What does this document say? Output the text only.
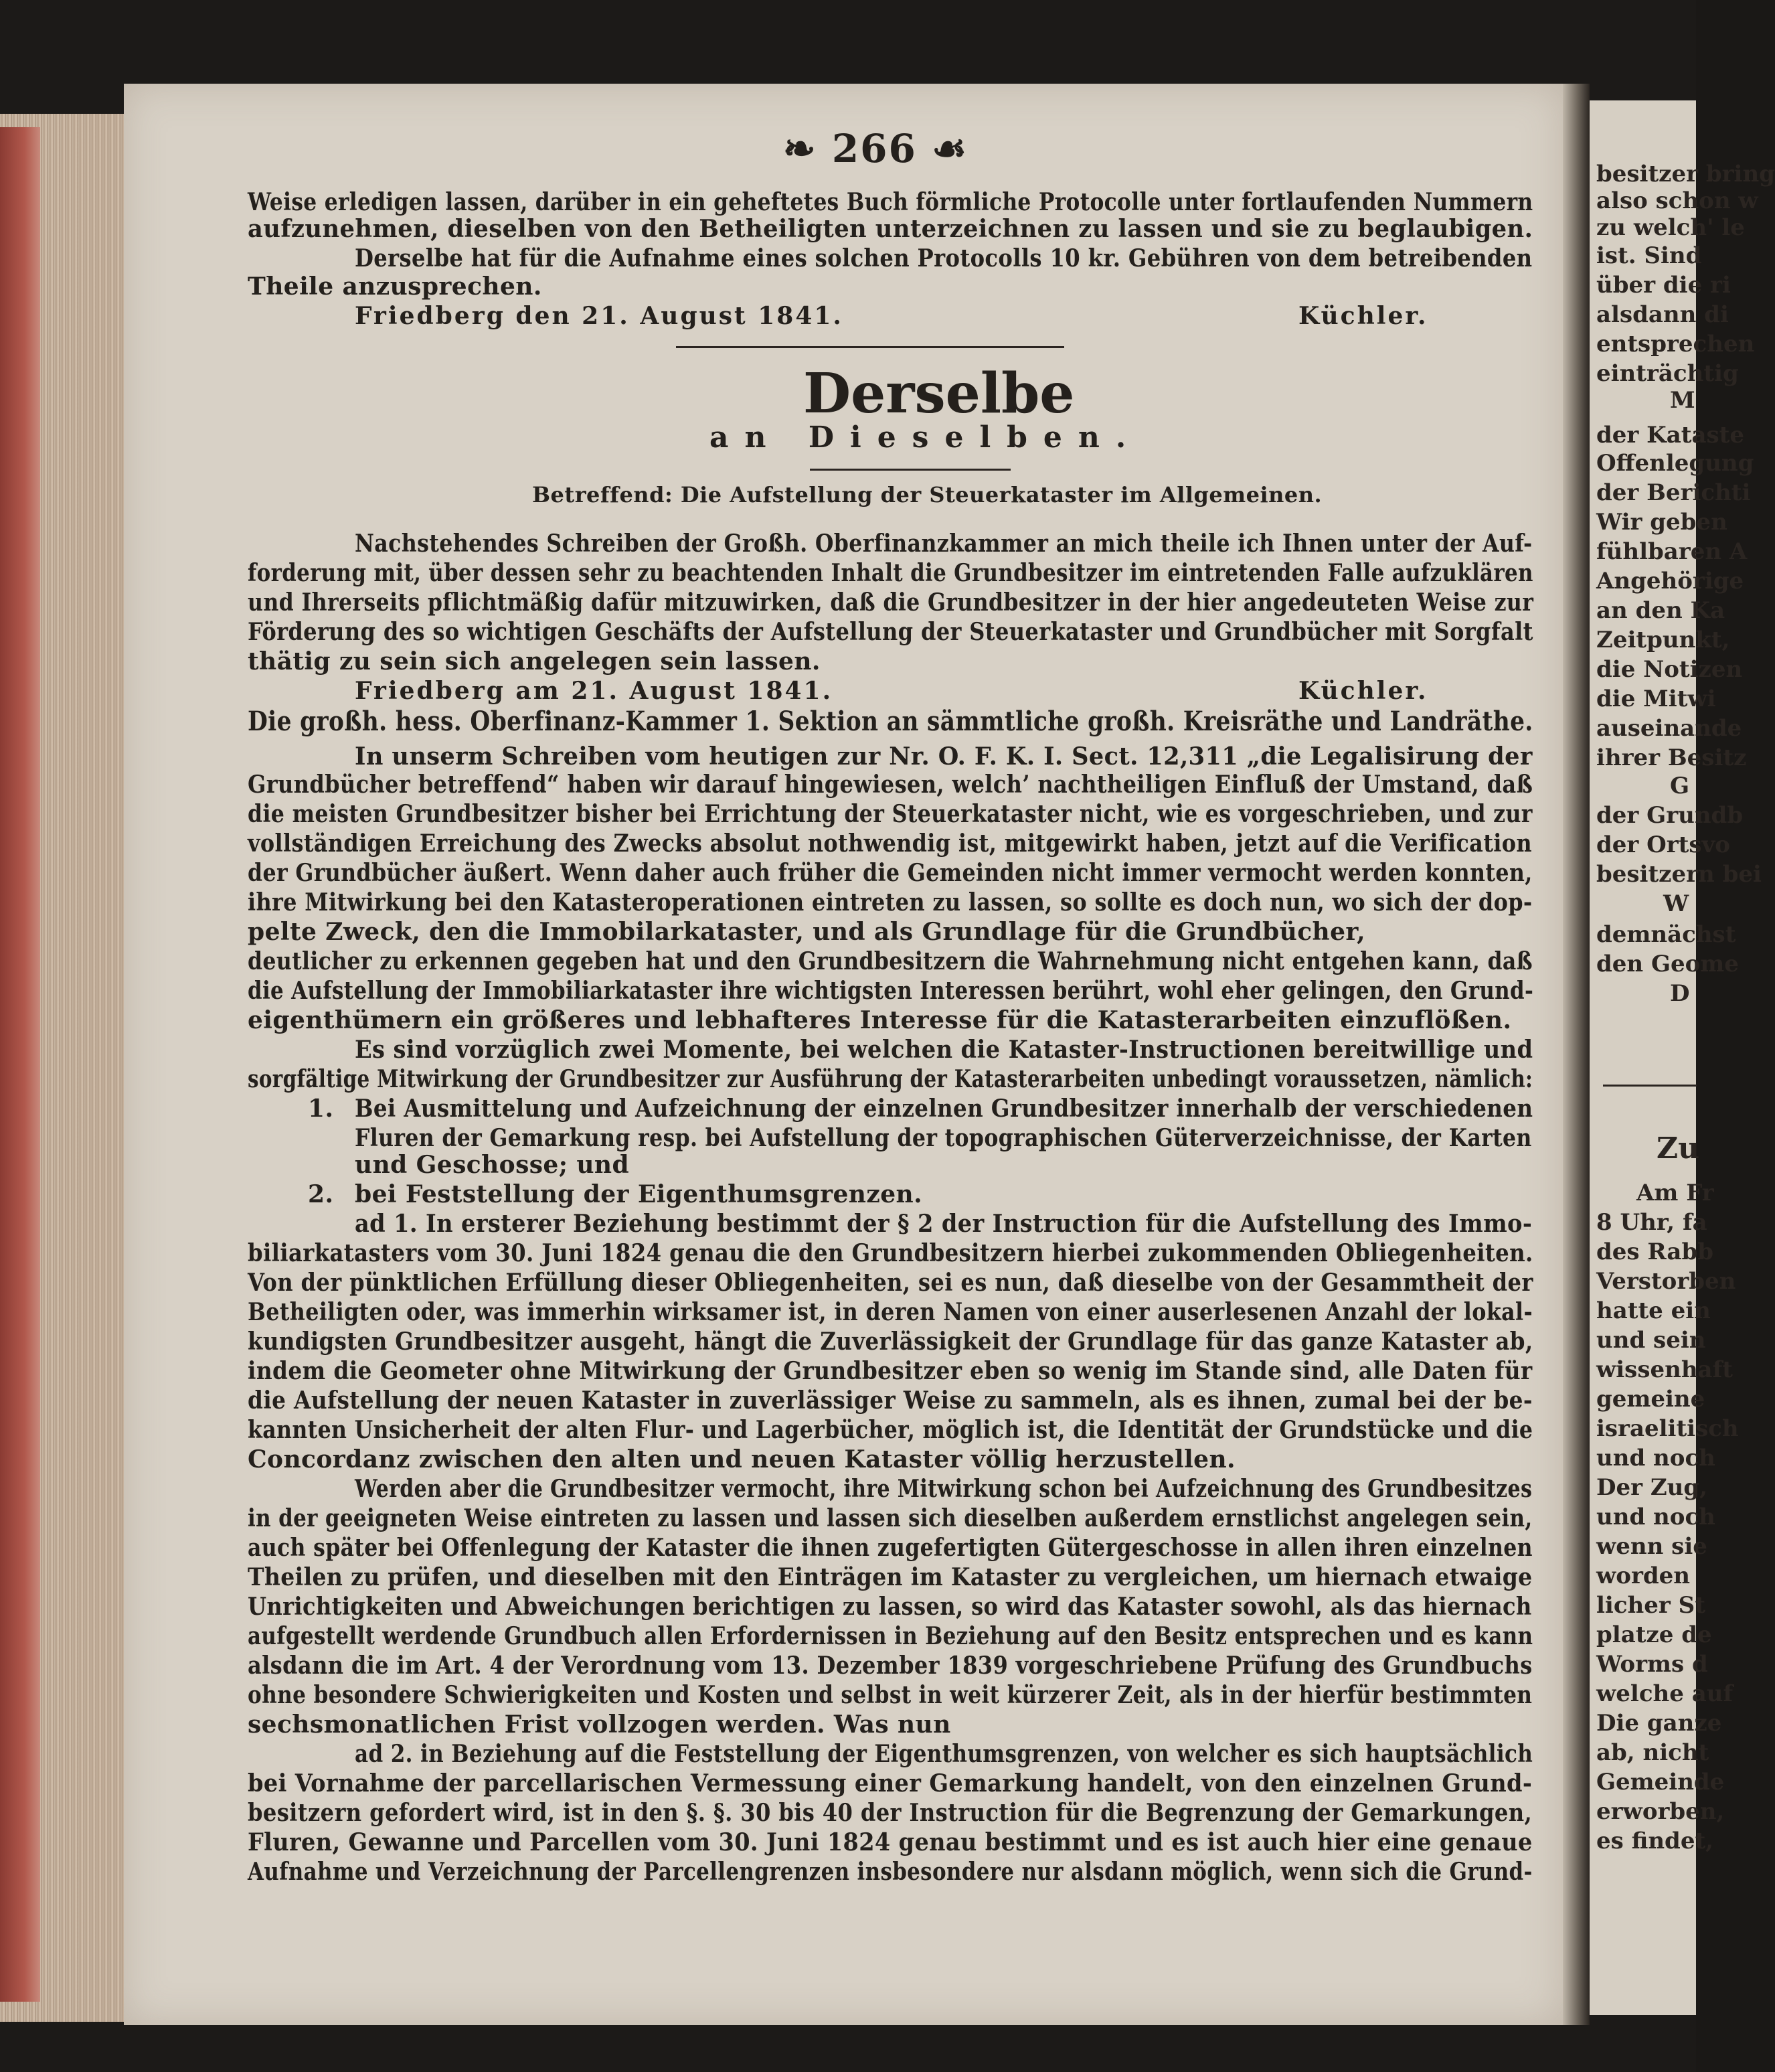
❧ 266 ☙
Weise erledigen lassen, darüber in ein geheftetes Buch förmliche Protocolle unter fortlaufenden Nummern
aufzunehmen, dieselben von den Betheiligten unterzeichnen zu lassen und sie zu beglaubigen.
Derselbe hat für die Aufnahme eines solchen Protocolls 10 kr. Gebühren von dem betreibenden
Theile anzusprechen.
Friedberg den 21. August 1841.	Küchler.
Derselbe
an Dieselben.
Betreffend: Die Aufstellung der Steuerkataster im Allgemeinen.
Nachstehendes Schreiben der Großh. Oberfinanzkammer an mich theile ich Ihnen unter der Auf-
forderung mit, über dessen sehr zu beachtenden Inhalt die Grundbesitzer im eintretenden Falle aufzuklären
und Ihrerseits pflichtmäßig dafür mitzuwirken, daß die Grundbesitzer in der hier angedeuteten Weise zur
Förderung des so wichtigen Geschäfts der Aufstellung der Steuerkataster und Grundbücher mit Sorgfalt
thätig zu sein sich angelegen sein lassen.
Friedberg am 21. August 1841.	Küchler.
Die großh. hess. Oberfinanz-Kammer 1. Sektion an sämmtliche großh. Kreisräthe und Landräthe.
In unserm Schreiben vom heutigen zur Nr. O. F. K. I. Sect. 12,311 „die Legalisirung der
Grundbücher betreffend“ haben wir darauf hingewiesen, welch’ nachtheiligen Einfluß der Umstand, daß
die meisten Grundbesitzer bisher bei Errichtung der Steuerkataster nicht, wie es vorgeschrieben, und zur
vollständigen Erreichung des Zwecks absolut nothwendig ist, mitgewirkt haben, jetzt auf die Verification
der Grundbücher äußert. Wenn daher auch früher die Gemeinden nicht immer vermocht werden konnten,
ihre Mitwirkung bei den Katasteroperationen eintreten zu lassen, so sollte es doch nun, wo sich der dop-
pelte Zweck, den die Immobilarkataster, und als Grundlage für die Grundbücher,
deutlicher zu erkennen gegeben hat und den Grundbesitzern die Wahrnehmung nicht entgehen kann, daß
die Aufstellung der Immobiliarkataster ihre wichtigsten Interessen berührt, wohl eher gelingen, den Grund-
eigenthümern ein größeres und lebhafteres Interesse für die Katasterarbeiten einzuflößen.
Es sind vorzüglich zwei Momente, bei welchen die Kataster-Instructionen bereitwillige und
sorgfältige Mitwirkung der Grundbesitzer zur Ausführung der Katasterarbeiten unbedingt voraussetzen, nämlich:
1. Bei Ausmittelung und Aufzeichnung der einzelnen Grundbesitzer innerhalb der verschiedenen
Fluren der Gemarkung resp. bei Aufstellung der topographischen Güterverzeichnisse, der Karten
und Geschosse; und
2. bei Feststellung der Eigenthumsgrenzen.
ad 1. In ersterer Beziehung bestimmt der § 2 der Instruction für die Aufstellung des Immo-
biliarkatasters vom 30. Juni 1824 genau die den Grundbesitzern hierbei zukommenden Obliegenheiten.
Von der pünktlichen Erfüllung dieser Obliegenheiten, sei es nun, daß dieselbe von der Gesammtheit der
Betheiligten oder, was immerhin wirksamer ist, in deren Namen von einer auserlesenen Anzahl der lokal-
kundigsten Grundbesitzer ausgeht, hängt die Zuverlässigkeit der Grundlage für das ganze Kataster ab,
indem die Geometer ohne Mitwirkung der Grundbesitzer eben so wenig im Stande sind, alle Daten für
die Aufstellung der neuen Kataster in zuverlässiger Weise zu sammeln, als es ihnen, zumal bei der be-
kannten Unsicherheit der alten Flur- und Lagerbücher, möglich ist, die Identität der Grundstücke und die
Concordanz zwischen den alten und neuen Kataster völlig herzustellen.
Werden aber die Grundbesitzer vermocht, ihre Mitwirkung schon bei Aufzeichnung des Grundbesitzes
in der geeigneten Weise eintreten zu lassen und lassen sich dieselben außerdem ernstlichst angelegen sein,
auch später bei Offenlegung der Kataster die ihnen zugefertigten Gütergeschosse in allen ihren einzelnen
Theilen zu prüfen, und dieselben mit den Einträgen im Kataster zu vergleichen, um hiernach etwaige
Unrichtigkeiten und Abweichungen berichtigen zu lassen, so wird das Kataster sowohl, als das hiernach
aufgestellt werdende Grundbuch allen Erfordernissen in Beziehung auf den Besitz entsprechen und es kann
alsdann die im Art. 4 der Verordnung vom 13. Dezember 1839 vorgeschriebene Prüfung des Grundbuchs
ohne besondere Schwierigkeiten und Kosten und selbst in weit kürzerer Zeit, als in der hierfür bestimmten
sechsmonatlichen Frist vollzogen werden. Was nun
ad 2. in Beziehung auf die Feststellung der Eigenthumsgrenzen, von welcher es sich hauptsächlich
bei Vornahme der parcellarischen Vermessung einer Gemarkung handelt, von den einzelnen Grund-
besitzern gefordert wird, ist in den §. §. 30 bis 40 der Instruction für die Begrenzung der Gemarkungen,
Fluren, Gewanne und Parcellen vom 30. Juni 1824 genau bestimmt und es ist auch hier eine genaue
Aufnahme und Verzeichnung der Parcellengrenzen insbesondere nur alsdann möglich, wenn sich die Grund-
besitzer bring
also schon w
zu welch' le
ist. Sind
über die ri
alsdann di
entsprechen
einträchtig
M
der Kataste
Offenlegung
der Berichti
Wir geben
fühlbaren A
Angehörige
an den Ka
Zeitpunkt,
die Notizen
die Mitwi
auseinande
ihrer Besitz
G
der Grundb
der Ortsvo
besitzern bei
W
demnächst
den Geome
D
Zu
Am Fr
8 Uhr, fa
des Rabb
Verstorben
hatte ein
und sein
wissenhaft
gemeine
israelitisch
und noch
Der Zug,
und noch
wenn sie
worden
licher St
platze de
Worms d
welche auf
Die ganze
ab, nicht
Gemeinde
erworben,
es findet,
